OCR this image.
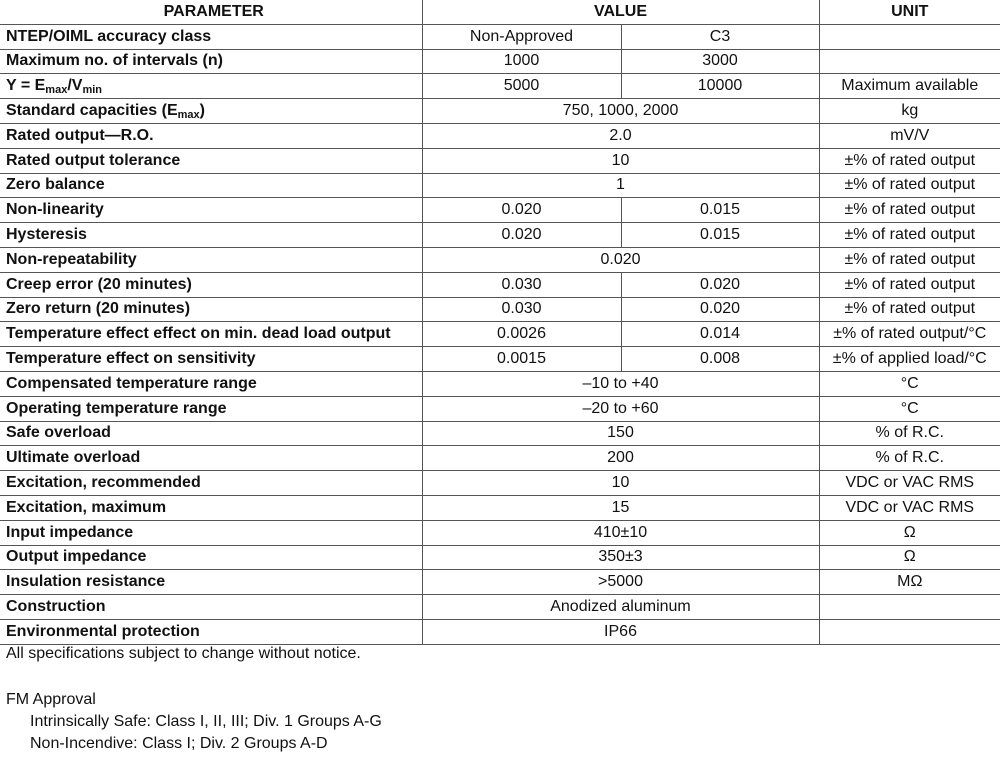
PARAMETER	VALUE		UNIT
NTEP/OIML accuracy class	Non-Approved	C3	
Maximum no. of intervals (n)	1000	3000	
$Y = E_{max}/V_{min}$	5000	10000	Maximum available
Standard capacities $(E_{max})$	750, 1000, 2000		kg
Rated output—R.O.	2.0		mV/V
Rated output tolerance	10		±% of rated output
Zero balance	1		±% of rated output
Non-linearity	0.020	0.015	±% of rated output
Hysteresis	0.020	0.015	±% of rated output
Non-repeatability	0.020		±% of rated output
Creep error (20 minutes)	0.030	0.020	±% of rated output
Zero return (20 minutes)	0.030	0.020	±% of rated output
Temperature effect effect on min. dead load output	0.0026	0.014	±% of rated output/°C
Temperature effect on sensitivity	0.0015	0.008	±% of applied load/°C
Compensated temperature range	–10 to +40		°C
Operating temperature range	–20 to +60		°C
Safe overload	150		% of R.C.
Ultimate overload	200		% of R.C.
Excitation, recommended	10		VDC or VAC RMS
Excitation, maximum	15		VDC or VAC RMS
Input impedance	410±10		Ω
Output impedance	350±3		Ω
Insulation resistance	>5000		MΩ
Construction	Anodized aluminum		
Environmental protection	IP66		
All specifications subject to change without notice.
FM Approval
Intrinsically Safe: Class I, II, III; Div. 1 Groups A-G
Non-Incendive: Class I; Div. 2 Groups A-D
